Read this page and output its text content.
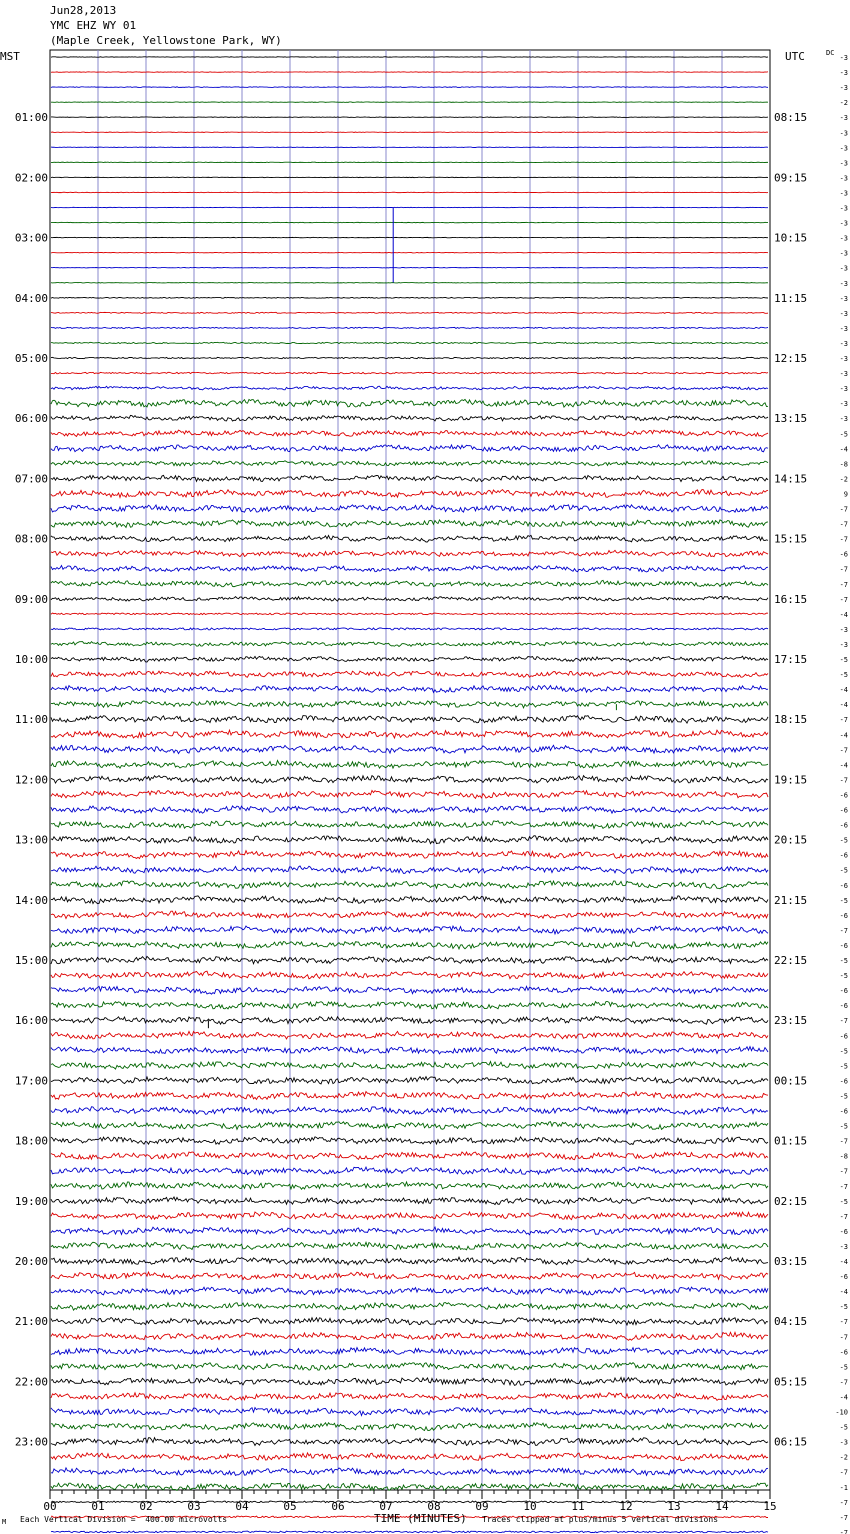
Jun28,2013
YMC EHZ WY 01
(Maple Creek, Yellowstone Park, WY)
MST	UTC	DC
00	01	02	03	04	05	06	07	08	09	10	11	12	13	14	15
-3
-3
-3
-2
-3
-3
-3
-3
-3
-3
-3
-3
-3
-3
-3
-3
-3
-3
-3
-3
-3
-3
-3
-3
-3
-5
-4
-8
-2
9
-7
-7
-7
-6
-7
-7
-7
-4
-3
-3
-5
-5
-4
-4
-7
-4
-7
-4
-7
-6
-6
-6
-5
-6
-5
-6
-5
-6
-7
-6
-5
-5
-6
-6
-7
-6
-5
-5
-6
-5
-6
-5
-7
-8
-7
-7
-5
-7
-6
-3
-4
-6
-4
-5
-7
-7
-6
-5
-7
-4
-10
-5
-3
-2
-7
-1
-7
-7
-7
01:00	08:15
02:00	09:15
03:00	10:15
04:00	11:15
05:00	12:15
06:00	13:15
07:00	14:15
08:00	15:15
09:00	16:15
10:00	17:15
11:00	18:15
12:00	19:15
13:00	20:15
14:00	21:15
15:00	22:15
16:00	23:15
17:00	00:15
18:00	01:15
19:00	02:15
20:00	03:15
21:00	04:15
22:00	05:15
23:00	06:15
M Each Vertical Division =  400.00 microvolts	TIME (MINUTES) Traces clipped at plus/minus 5 vertical divisions
